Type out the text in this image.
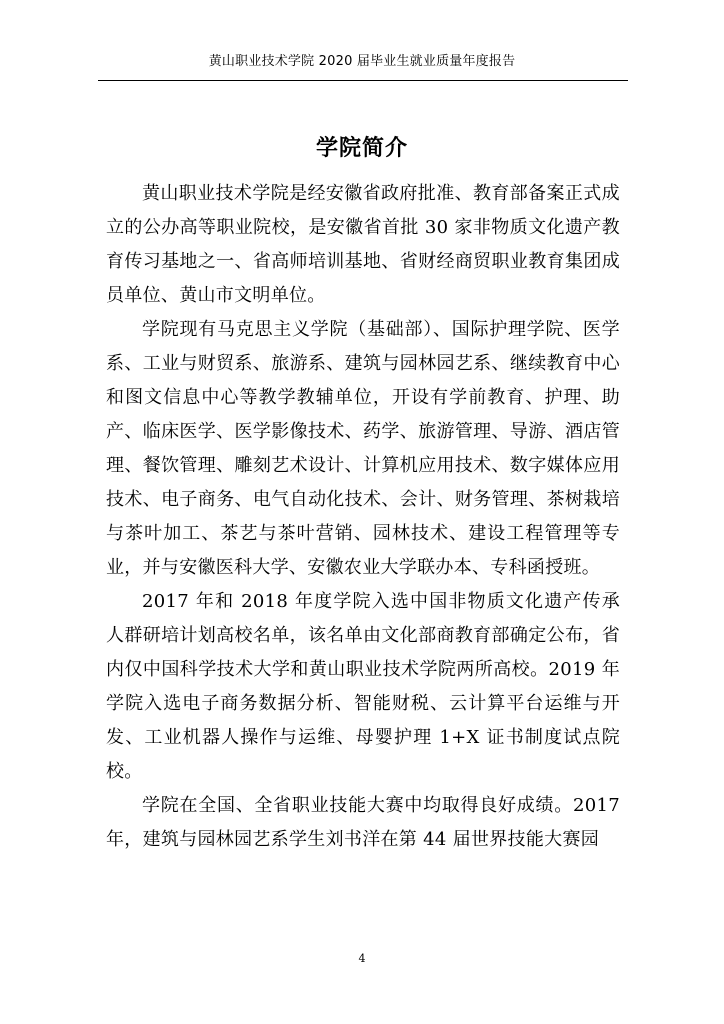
黄山职业技术学院 2020 届毕业生就业质量年度报告
学院简介

黄山职业技术学院是经安徽省政府批准、教育部备案正式成立的公办高等职业院校，是安徽省首批 30 家非物质文化遗产教育传习基地之一、省高师培训基地、省财经商贸职业教育集团成员单位、黄山市文明单位。

学院现有马克思主义学院（基础部）、国际护理学院、医学系、工业与财贸系、旅游系、建筑与园林园艺系、继续教育中心和图文信息中心等教学教辅单位，开设有学前教育、护理、助产、临床医学、医学影像技术、药学、旅游管理、导游、酒店管理、餐饮管理、雕刻艺术设计、计算机应用技术、数字媒体应用技术、电子商务、电气自动化技术、会计、财务管理、茶树栽培与茶叶加工、茶艺与茶叶营销、园林技术、建设工程管理等专业，并与安徽医科大学、安徽农业大学联办本、专科函授班。

2017 年和 2018 年度学院入选中国非物质文化遗产传承人群研培计划高校名单，该名单由文化部商教育部确定公布，省内仅中国科学技术大学和黄山职业技术学院两所高校。2019 年学院入选电子商务数据分析、智能财税、云计算平台运维与开发、工业机器人操作与运维、母婴护理 1+X 证书制度试点院校。

学院在全国、全省职业技能大赛中均取得良好成绩。2017 年，建筑与园林园艺系学生刘书洋在第 44 届世界技能大赛园

4
